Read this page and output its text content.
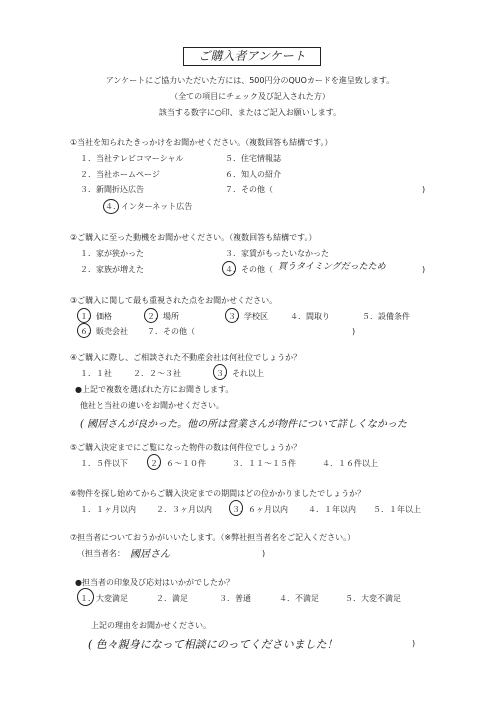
ご購入者アンケート
アンケートにご協力いただいた方には、500円分のQUOカードを進呈致します。
（全ての項目にチェック及び記入された方）
該当する数字に○印、またはご記入お願いします。
①当社を知られたきっかけをお聞かせください。（複数回答も結構です。）
１．当社テレビコマーシャル
２．当社ホームページ
３．新聞折込広告
４．インターネット広告
５．住宅情報誌
６．知人の紹介
７．その他（	)
②ご購入に至った動機をお聞かせください。（複数回答も結構です。）
１．家が狭かった
２．家族が増えた
３．家賃がもったいなかった
４．その他（ 買うタイミングだったため	)
③ご購入に関して最も重視された点をお聞かせください。
１．価格	２．場所	３．学校区	４．間取り	５．設備条件
６．販売会社 ７．その他（	)
④ご購入に際し、ご相談された不動産会社は何社位でしょうか？
１．１社	２．２～３社	３．それ以上
●上記で複数を選ばれた方にお聞きします。
他社と当社の違いをお聞かせください。
( 國居さんが良かった。他の所は営業さんが物件について詳しくなかった
⑤ご購入決定までにご覧になった物件の数は何件位でしょうか？
１．５件以下	２．６～１０件	３．１１～１５件	４．１６件以上
⑥物件を探し始めてからご購入決定までの期間はどの位かかりましたでしょうか？
１．１ヶ月以内	２．３ヶ月以内	３．６ヶ月以内	４．１年以内 ５．１年以上
⑦担当者についておうかがいいたします。（※弊社担当者名をご記入ください。）
（担当者名： 國居さん	)
●担当者の印象及び応対はいかがでしたか？
１．大変満足	２．満足	３．普通	４．不満足	５．大変不満足
上記の理由をお聞かせください。
( 色々親身になって相談にのってくださいました！	)
